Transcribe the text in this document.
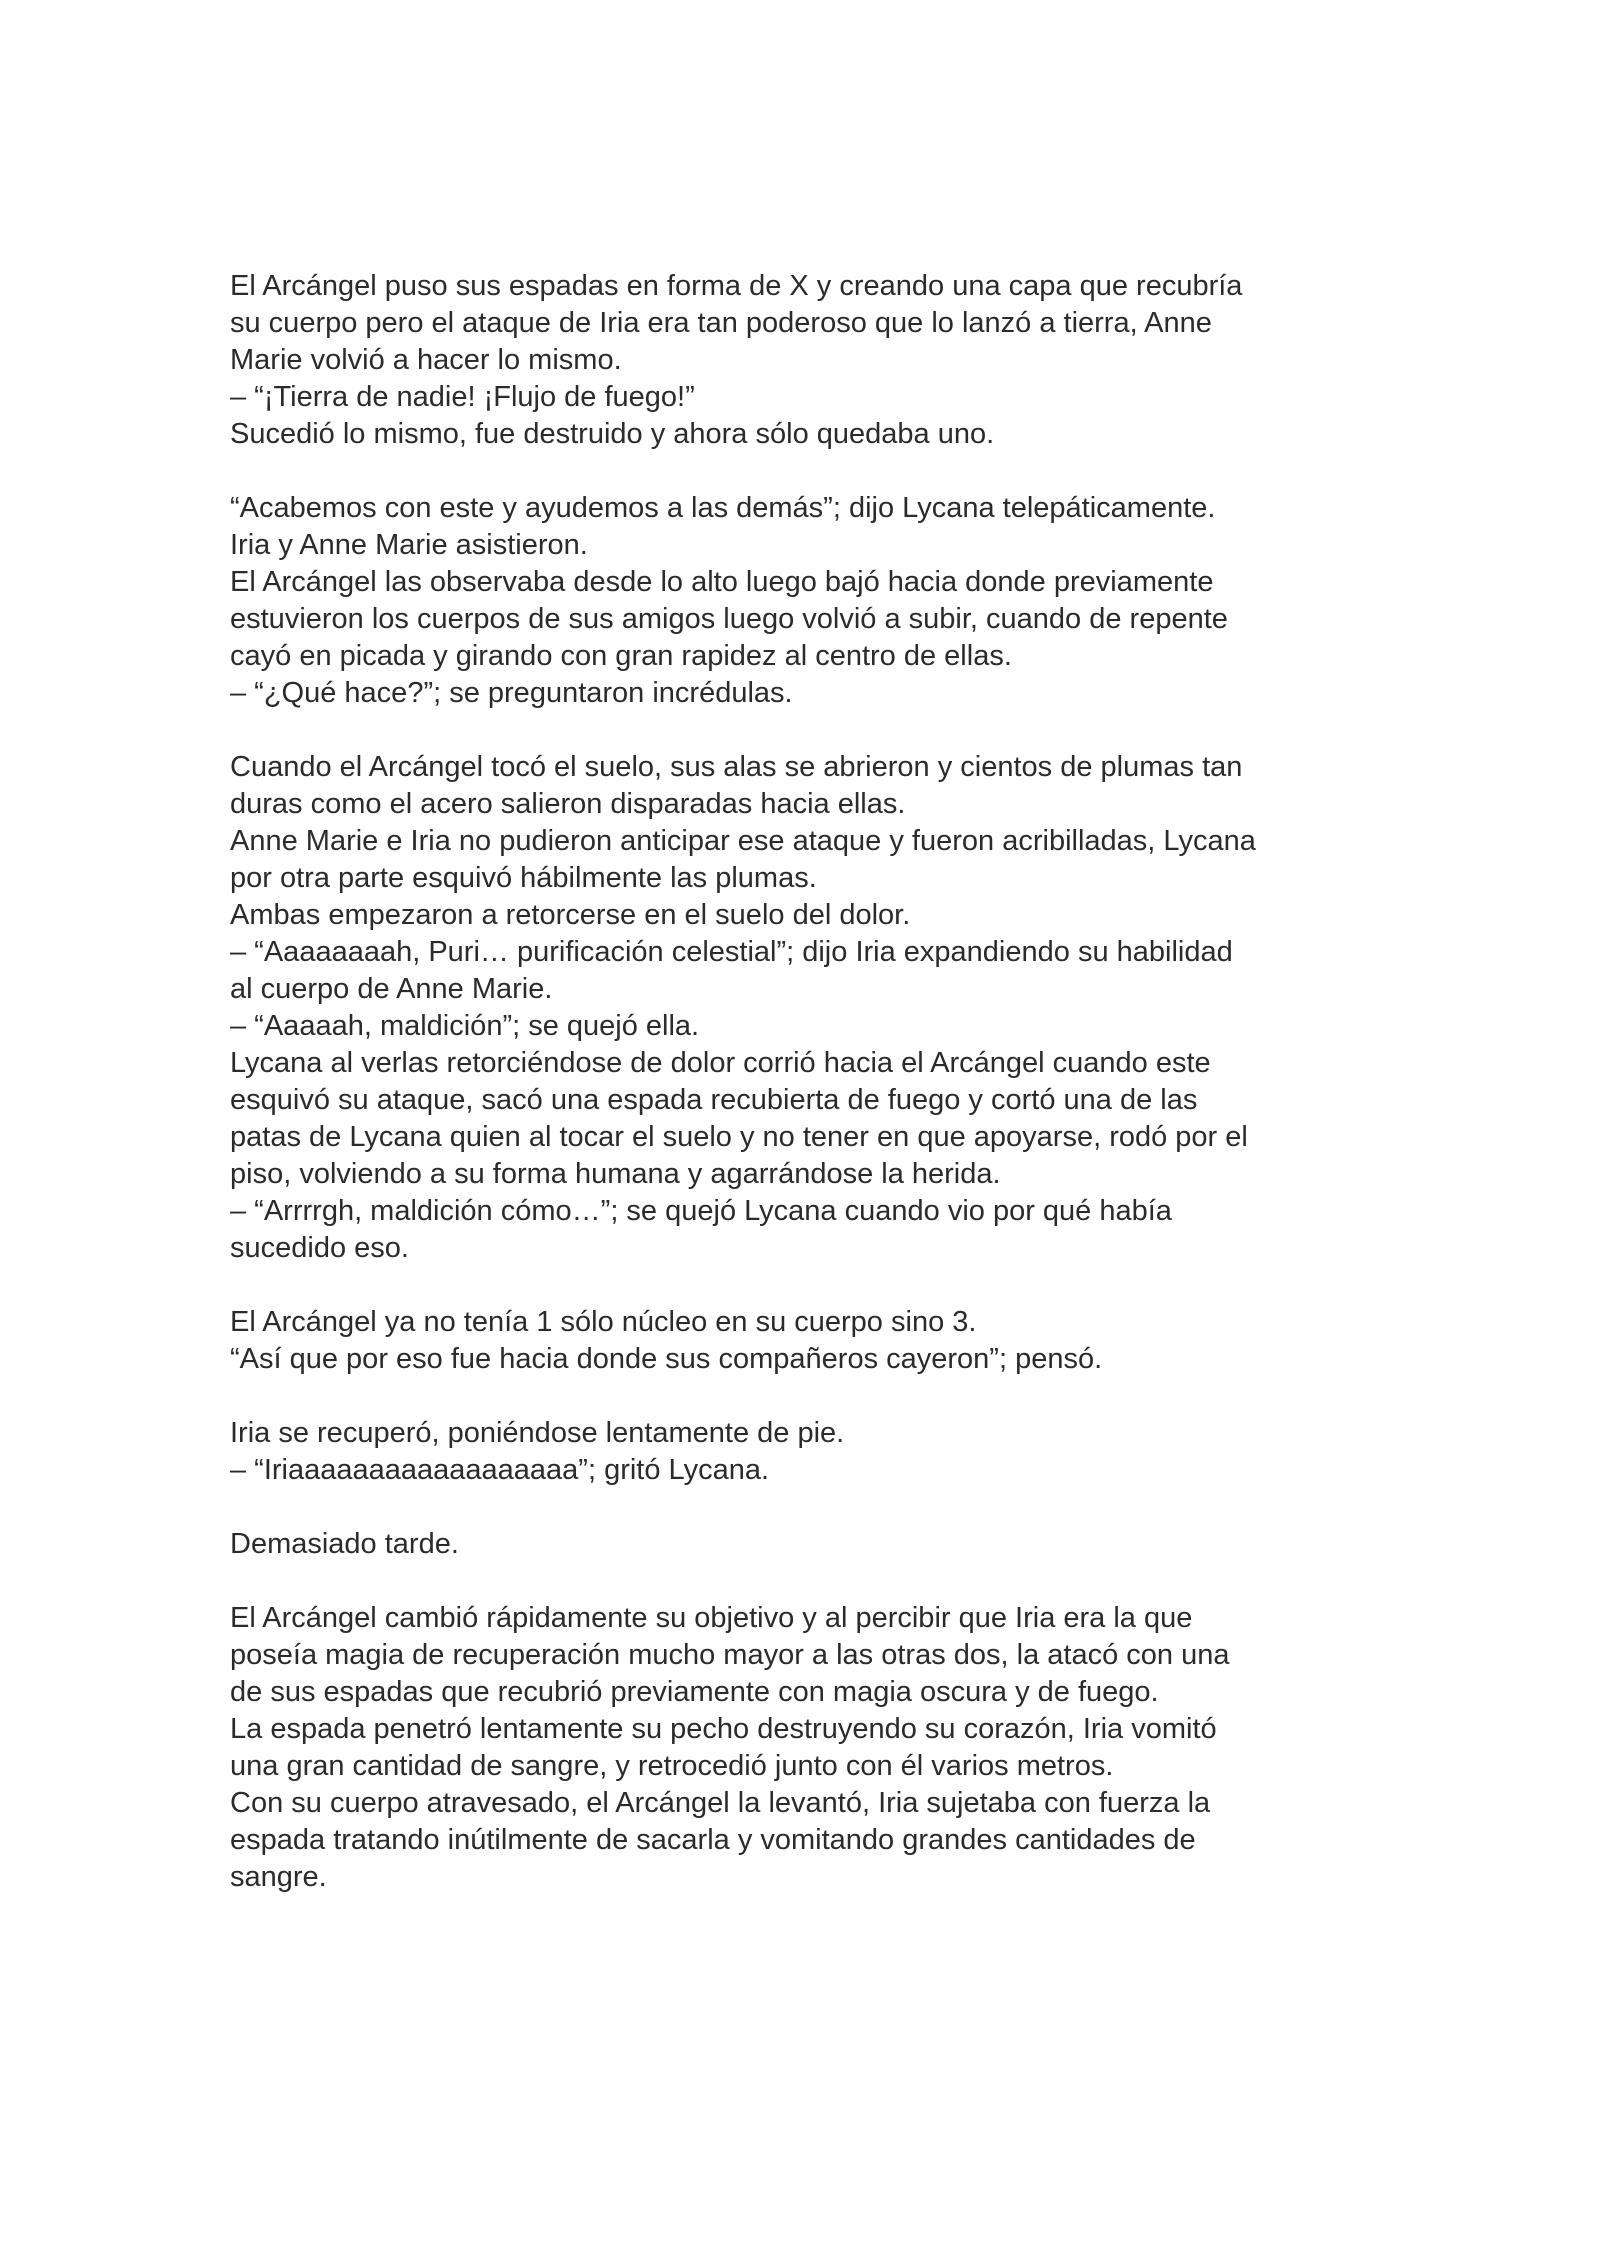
El Arcángel puso sus espadas en forma de X y creando una capa que recubría
su cuerpo pero el ataque de Iria era tan poderoso que lo lanzó a tierra, Anne
Marie volvió a hacer lo mismo.
– “¡Tierra de nadie! ¡Flujo de fuego!”
Sucedió lo mismo, fue destruido y ahora sólo quedaba uno.
“Acabemos con este y ayudemos a las demás”; dijo Lycana telepáticamente.
Iria y Anne Marie asistieron.
El Arcángel las observaba desde lo alto luego bajó hacia donde previamente
estuvieron los cuerpos de sus amigos luego volvió a subir, cuando de repente
cayó en picada y girando con gran rapidez al centro de ellas.
– “¿Qué hace?”; se preguntaron incrédulas.
Cuando el Arcángel tocó el suelo, sus alas se abrieron y cientos de plumas tan
duras como el acero salieron disparadas hacia ellas.
Anne Marie e Iria no pudieron anticipar ese ataque y fueron acribilladas, Lycana
por otra parte esquivó hábilmente las plumas.
Ambas empezaron a retorcerse en el suelo del dolor.
– “Aaaaaaaah, Puri… purificación celestial”; dijo Iria expandiendo su habilidad
al cuerpo de Anne Marie.
– “Aaaaah, maldición”; se quejó ella.
Lycana al verlas retorciéndose de dolor corrió hacia el Arcángel cuando este
esquivó su ataque, sacó una espada recubierta de fuego y cortó una de las
patas de Lycana quien al tocar el suelo y no tener en que apoyarse, rodó por el
piso, volviendo a su forma humana y agarrándose la herida.
– “Arrrrgh, maldición cómo…”; se quejó Lycana cuando vio por qué había
sucedido eso.
El Arcángel ya no tenía 1 sólo núcleo en su cuerpo sino 3.
“Así que por eso fue hacia donde sus compañeros cayeron”; pensó.
Iria se recuperó, poniéndose lentamente de pie.
– “Iriaaaaaaaaaaaaaaaaaa”; gritó Lycana.
Demasiado tarde.
El Arcángel cambió rápidamente su objetivo y al percibir que Iria era la que
poseía magia de recuperación mucho mayor a las otras dos, la atacó con una
de sus espadas que recubrió previamente con magia oscura y de fuego.
La espada penetró lentamente su pecho destruyendo su corazón, Iria vomitó
una gran cantidad de sangre, y retrocedió junto con él varios metros.
Con su cuerpo atravesado, el Arcángel la levantó, Iria sujetaba con fuerza la
espada tratando inútilmente de sacarla y vomitando grandes cantidades de
sangre.
